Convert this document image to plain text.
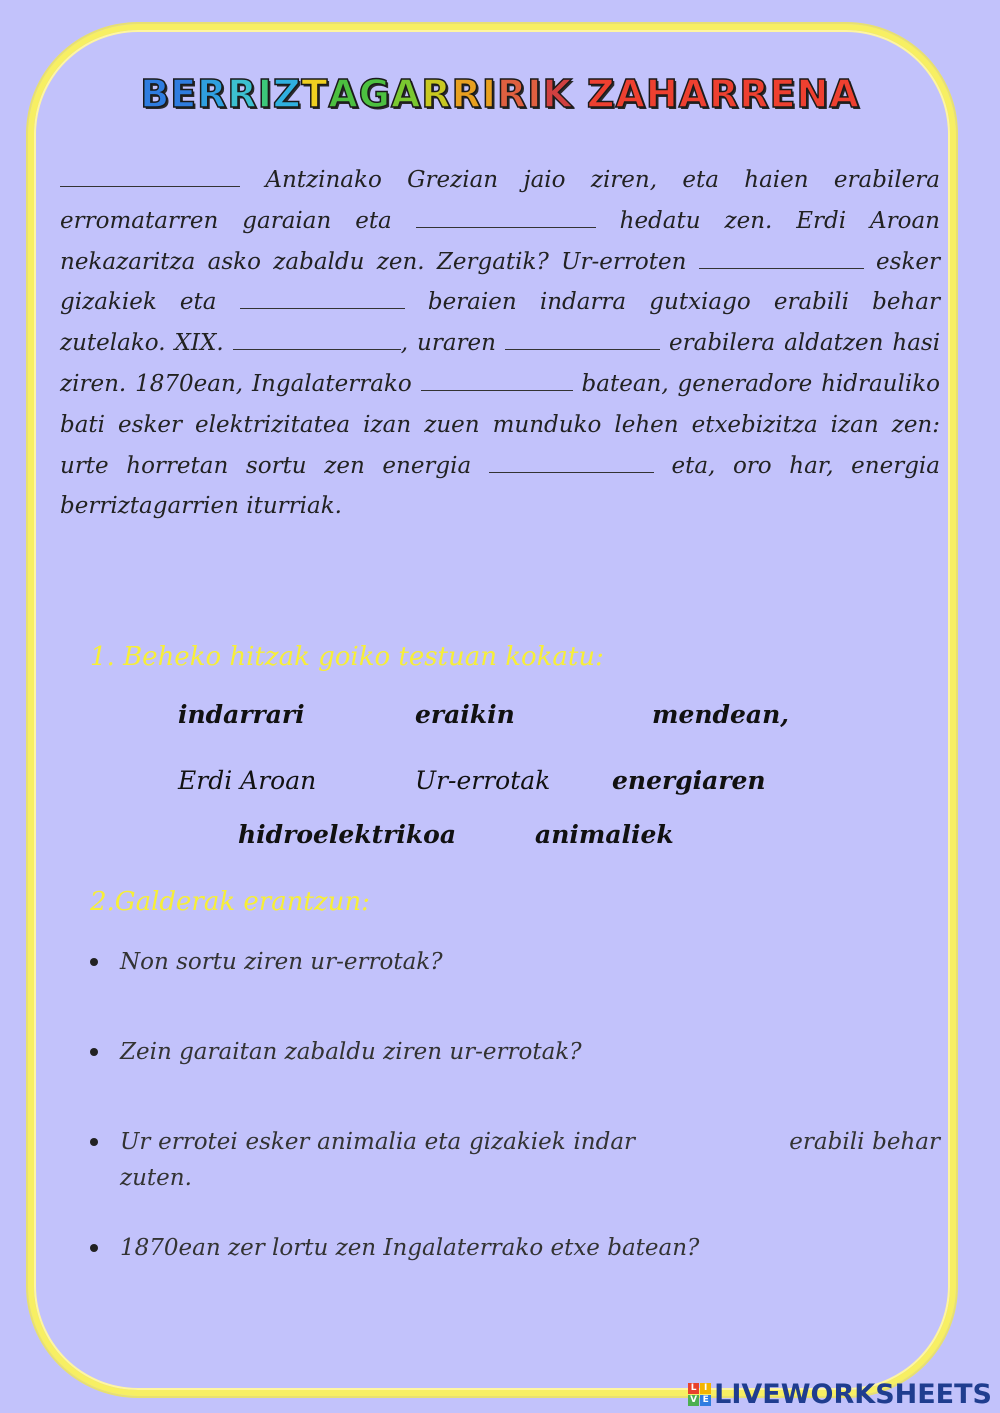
BERRIZTAGARRIRIKZAHARRENA
Antzinako Grezian jaio ziren, eta haien erabilera erromatarren garaian eta	hedatu zen. Erdi Aroan nekazaritza asko zabaldu zen. Zergatik? Ur-erroten	esker gizakiek eta	beraien indarra gutxiago erabili behar zutelako. XIX.	, uraren	erabilera aldatzen hasi ziren. 1870ean, Ingalaterrako	batean, generadore hidrauliko bati esker elektrizitatea izan zuen munduko lehen etxebizitza izan zen: urte horretan sortu zen energia	eta, oro har, energia berriztagarrien iturriak.
1. Beheko hitzak goiko testuan kokatu:
indarrari	eraikin	mendean,
Erdi Aroan	Ur-errotak energiaren
hidroelektrikoa	animaliek
2.Galderak erantzun:
Non sortu ziren ur-errotak?
Zein garaitan zabaldu ziren ur-errotak?
Ur errotei esker animalia eta gizakiek indar                    erabili behar zuten.
1870ean zer lortu zen Ingalaterrako etxe batean?
L I
V E LIVEWORKSHEETS
